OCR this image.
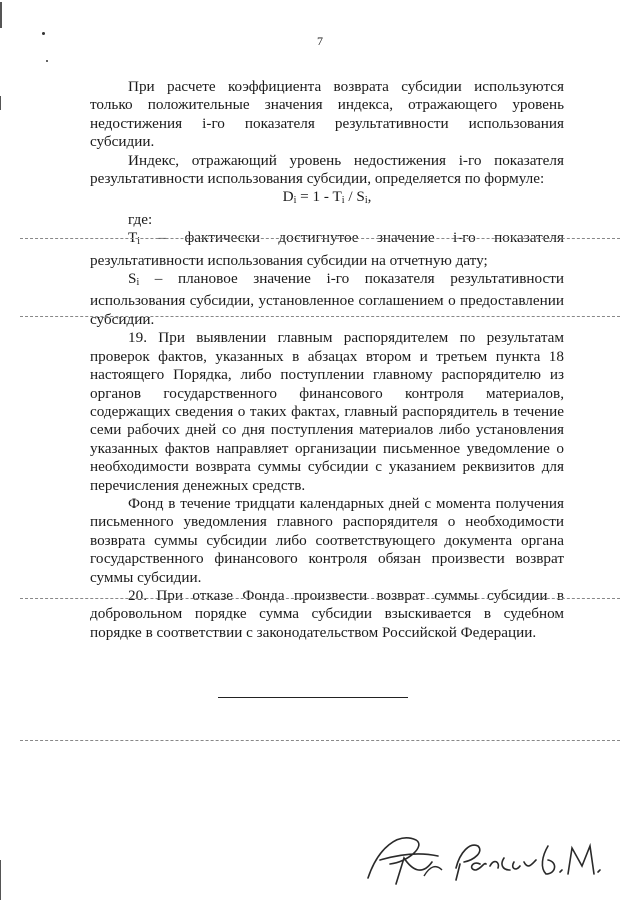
7

При расчете коэффициента возврата субсидии используются только положительные значения индекса, отражающего уровень недостижения i-го показателя результативности использования субсидии.

Индекс, отражающий уровень недостижения i-го показателя результативности использования субсидии, определяется по формуле:

$D_i = 1 - T_i / S_i$,

где:

$T_i$ – фактически достигнутое значение i-го показателя результативности использования субсидии на отчетную дату;

$S_i$ – плановое значение i-го показателя результативности использования субсидии, установленное соглашением о предоставлении субсидии.

19. При выявлении главным распорядителем по результатам проверок фактов, указанных в абзацах втором и третьем пункта 18 настоящего Порядка, либо поступлении главному распорядителю из органов государственного финансового контроля материалов, содержащих сведения о таких фактах, главный распорядитель в течение семи рабочих дней со дня поступления материалов либо установления указанных фактов направляет организации письменное уведомление о необходимости возврата суммы субсидии с указанием реквизитов для перечисления денежных средств.

Фонд в течение тридцати календарных дней с момента получения письменного уведомления главного распорядителя о необходимости возврата суммы субсидии либо соответствующего документа органа государственного финансового контроля обязан произвести возврат суммы субсидии.

20. При отказе Фонда произвести возврат суммы субсидии в добровольном порядке сумма субсидии взыскивается в судебном порядке в соответствии с законодательством Российской Федерации.
